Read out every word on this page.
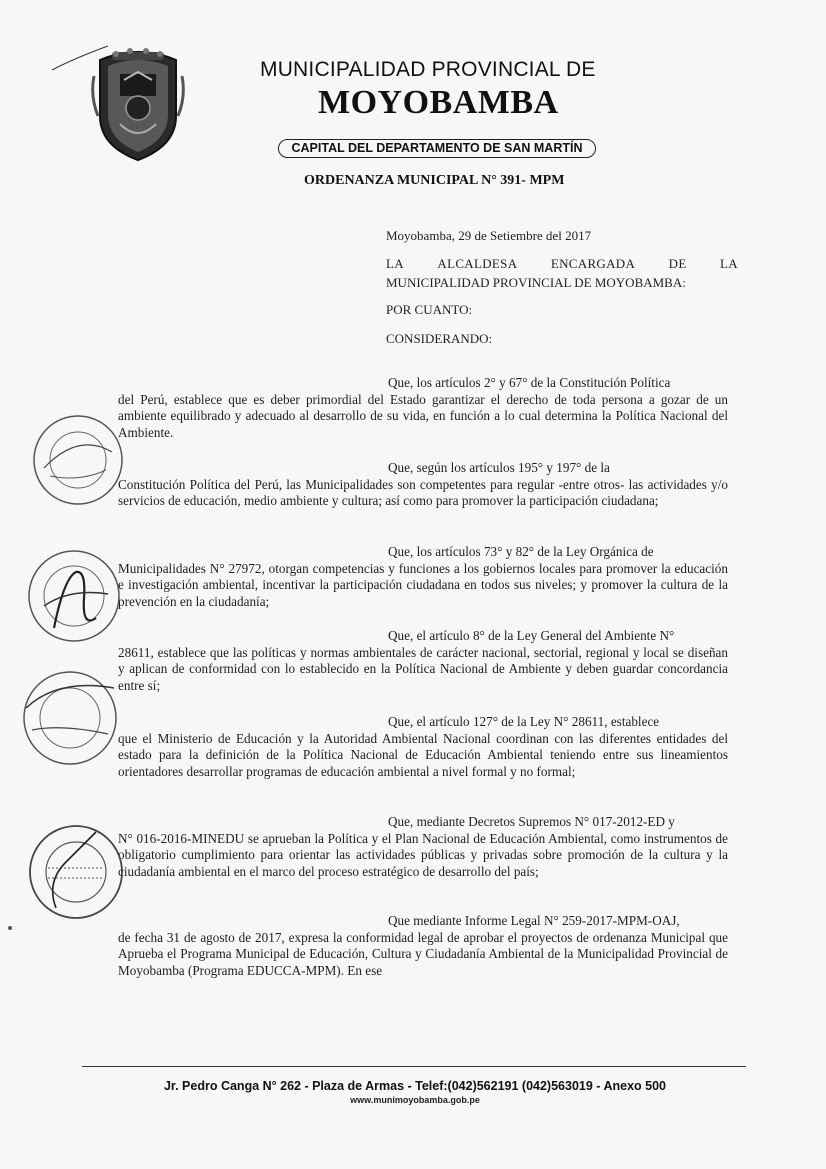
MUNICIPALIDAD PROVINCIAL DE
MOYOBAMBA
CAPITAL DEL DEPARTAMENTO DE SAN MARTÍN
ORDENANZA MUNICIPAL N° 391- MPM
Moyobamba, 29 de Setiembre del 2017
LA	ALCALDESA	ENCARGADA	DE	LA
MUNICIPALIDAD PROVINCIAL DE MOYOBAMBA:
POR CUANTO:
CONSIDERANDO:
Que, los artículos 2° y 67° de la Constitución Política
del Perú, establece que es deber primordial del Estado garantizar el derecho de toda persona a gozar de un ambiente equilibrado y adecuado al desarrollo de su vida, en función a lo cual determina la Política Nacional del Ambiente.
Que, según los artículos 195° y 197° de la
Constitución Política del Perú, las Municipalidades son competentes para regular -entre otros- las actividades y/o servicios de educación, medio ambiente y cultura; así como para promover la participación ciudadana;
Que, los artículos 73° y 82° de la Ley Orgánica de
Municipalidades N° 27972, otorgan competencias y funciones a los gobiernos locales para promover la educación e investigación ambiental, incentivar la participación ciudadana en todos sus niveles; y promover la cultura de la prevención en la ciudadanía;
Que, el artículo 8° de la Ley General del Ambiente N°
28611, establece que las políticas y normas ambientales de carácter nacional, sectorial, regional y local se diseñan y aplican de conformidad con lo establecido en la Política Nacional de Ambiente y deben guardar concordancia entre sí;
Que, el artículo 127° de la Ley N° 28611, establece
que el Ministerio de Educación y la Autoridad Ambiental Nacional coordinan con las diferentes entidades del estado para la definición de la Política Nacional de Educación Ambiental teniendo entre sus lineamientos orientadores desarrollar programas de educación ambiental a nivel formal y no formal;
Que, mediante Decretos Supremos N° 017-2012-ED y
N° 016-2016-MINEDU se aprueban la Política y el Plan Nacional de Educación Ambiental, como instrumentos de obligatorio cumplimiento para orientar las actividades públicas y privadas sobre promoción de la cultura y la ciudadanía ambiental en el marco del proceso estratégico de desarrollo del país;
Que mediante Informe Legal N° 259-2017-MPM-OAJ,
de fecha 31 de agosto de 2017, expresa la conformidad legal de aprobar el proyectos de ordenanza Municipal que Aprueba el Programa Municipal de Educación, Cultura y Ciudadanía Ambiental de la Municipalidad Provincial de Moyobamba (Programa EDUCCA-MPM). En ese
Jr. Pedro Canga N° 262 - Plaza de Armas - Telef:(042)562191 (042)563019 - Anexo 500
www.munimoyobamba.gob.pe
